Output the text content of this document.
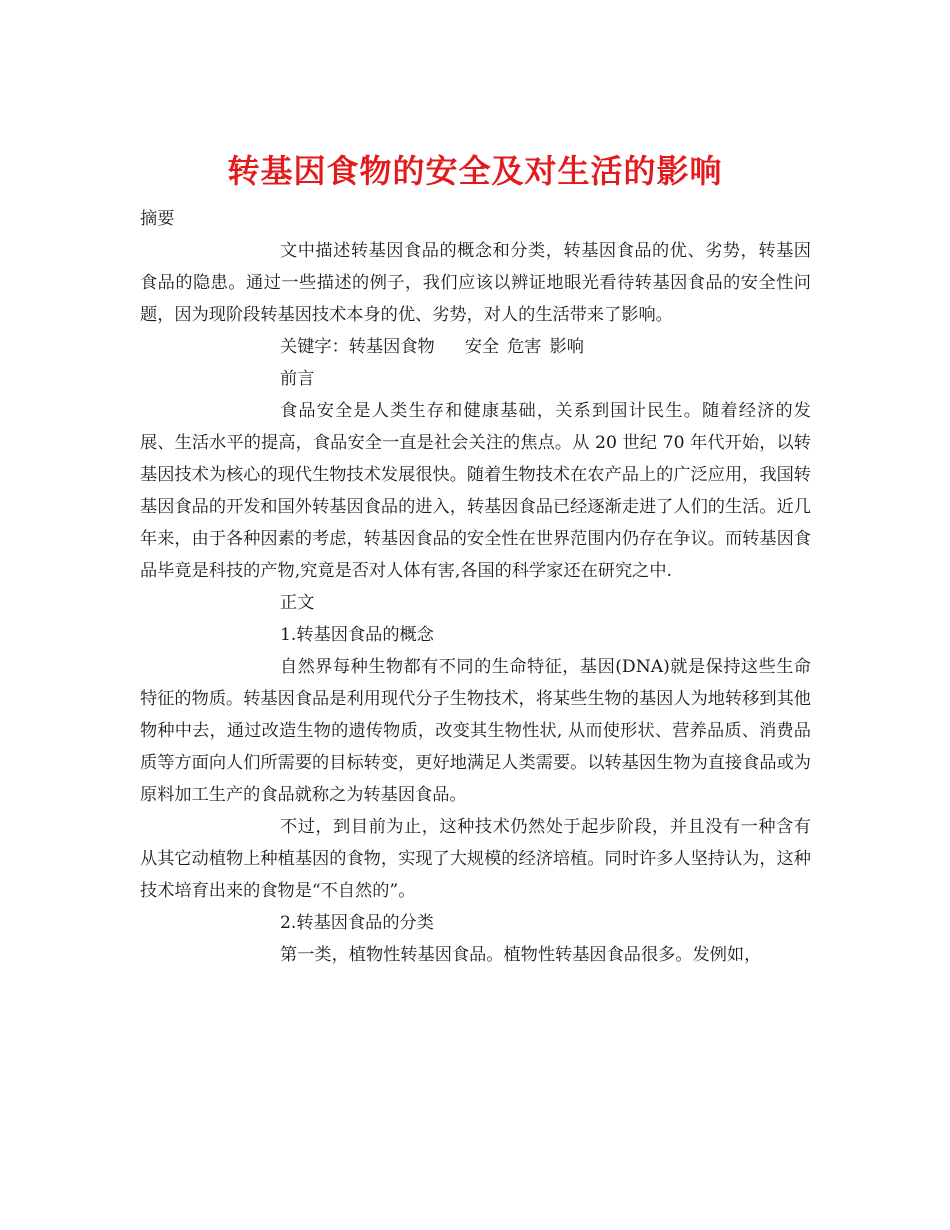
转基因食物的安全及对生活的影响

摘要

文中描述转基因食品的概念和分类，转基因食品的优、劣势，转基因食品的隐患。通过一些描述的例子，我们应该以辨证地眼光看待转基因食品的安全性问题，因为现阶段转基因技术本身的优、劣势，对人的生活带来了影响。

关键字：转基因食物 安全 危害 影响

前言

食品安全是人类生存和健康基础，关系到国计民生。随着经济的发展、生活水平的提高，食品安全一直是社会关注的焦点。从 20 世纪 70 年代开始，以转基因技术为核心的现代生物技术发展很快。随着生物技术在农产品上的广泛应用，我国转基因食品的开发和国外转基因食品的进入，转基因食品已经逐渐走进了人们的生活。近几年来，由于各种因素的考虑，转基因食品的安全性在世界范围内仍存在争议。而转基因食品毕竟是科技的产物,究竟是否对人体有害,各国的科学家还在研究之中.

正文

1.转基因食品的概念

自然界每种生物都有不同的生命特征，基因(DNA)就是保持这些生命特征的物质。转基因食品是利用现代分子生物技术，将某些生物的基因人为地转移到其他物种中去，通过改造生物的遗传物质，改变其生物性状, 从而使形状、营养品质、消费品质等方面向人们所需要的目标转变，更好地满足人类需要。以转基因生物为直接食品或为原料加工生产的食品就称之为转基因食品。

不过，到目前为止，这种技术仍然处于起步阶段，并且没有一种含有从其它动植物上种植基因的食物，实现了大规模的经济培植。同时许多人坚持认为，这种技术培育出来的食物是“不自然的”。

2.转基因食品的分类

第一类，植物性转基因食品。植物性转基因食品很多。发例如，
